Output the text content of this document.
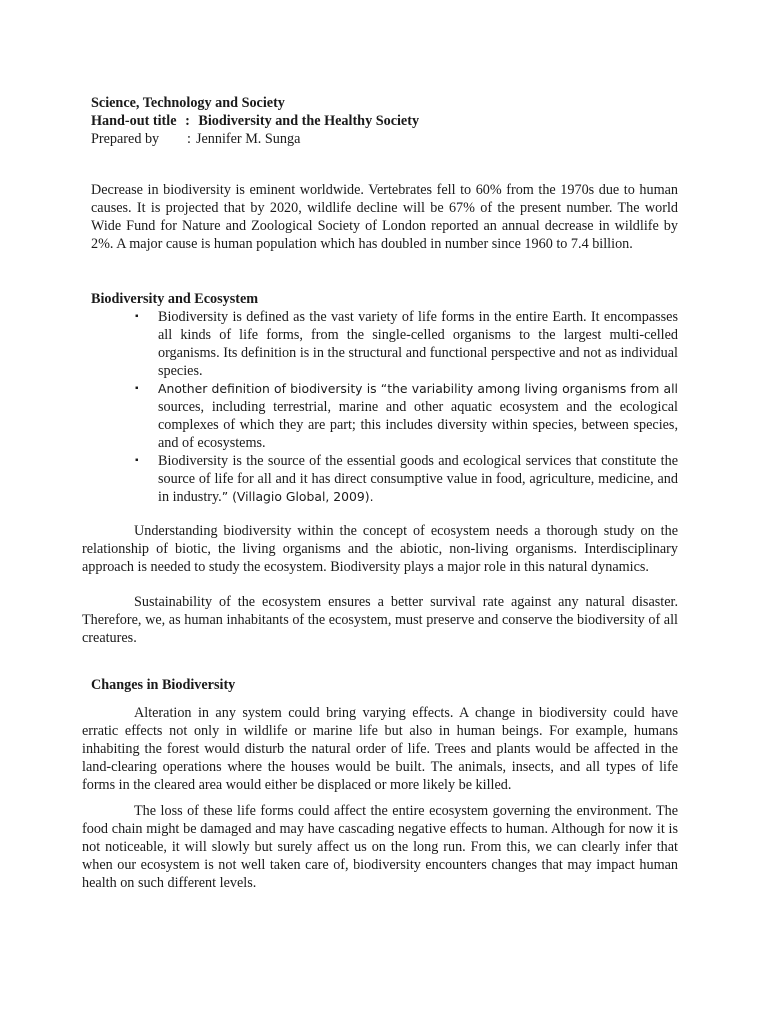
Science, Technology and Society
Hand-out title : Biodiversity and the Healthy Society
Prepared by : Jennifer M. Sunga

Decrease in biodiversity is eminent worldwide. Vertebrates fell to 60% from the 1970s due to human causes. It is projected that by 2020, wildlife decline will be 67% of the present number. The world Wide Fund for Nature and Zoological Society of London reported an annual decrease in wildlife by 2%. A major cause is human population which has doubled in number since 1960 to 7.4 billion.

Biodiversity and Ecosystem

▪ Biodiversity is defined as the vast variety of life forms in the entire Earth. It encompasses all kinds of life forms, from the single-celled organisms to the largest multi-celled organisms. Its definition is in the structural and functional perspective and not as individual species.
▪ Another definition of biodiversity is “the variability among living organisms from all sources, including terrestrial, marine and other aquatic ecosystem and the ecological complexes of which they are part; this includes diversity within species, between species, and of ecosystems.
▪ Biodiversity is the source of the essential goods and ecological services that constitute the source of life for all and it has direct consumptive value in food, agriculture, medicine, and in industry.” (Villagio Global, 2009).

Understanding biodiversity within the concept of ecosystem needs a thorough study on the relationship of biotic, the living organisms and the abiotic, non-living organisms. Interdisciplinary approach is needed to study the ecosystem. Biodiversity plays a major role in this natural dynamics.

Sustainability of the ecosystem ensures a better survival rate against any natural disaster. Therefore, we, as human inhabitants of the ecosystem, must preserve and conserve the biodiversity of all creatures.

Changes in Biodiversity

Alteration in any system could bring varying effects. A change in biodiversity could have erratic effects not only in wildlife or marine life but also in human beings. For example, humans inhabiting the forest would disturb the natural order of life. Trees and plants would be affected in the land-clearing operations where the houses would be built. The animals, insects, and all types of life forms in the cleared area would either be displaced or more likely be killed.

The loss of these life forms could affect the entire ecosystem governing the environment. The food chain might be damaged and may have cascading negative effects to human. Although for now it is not noticeable, it will slowly but surely affect us on the long run. From this, we can clearly infer that when our ecosystem is not well taken care of, biodiversity encounters changes that may impact human health on such different levels.
